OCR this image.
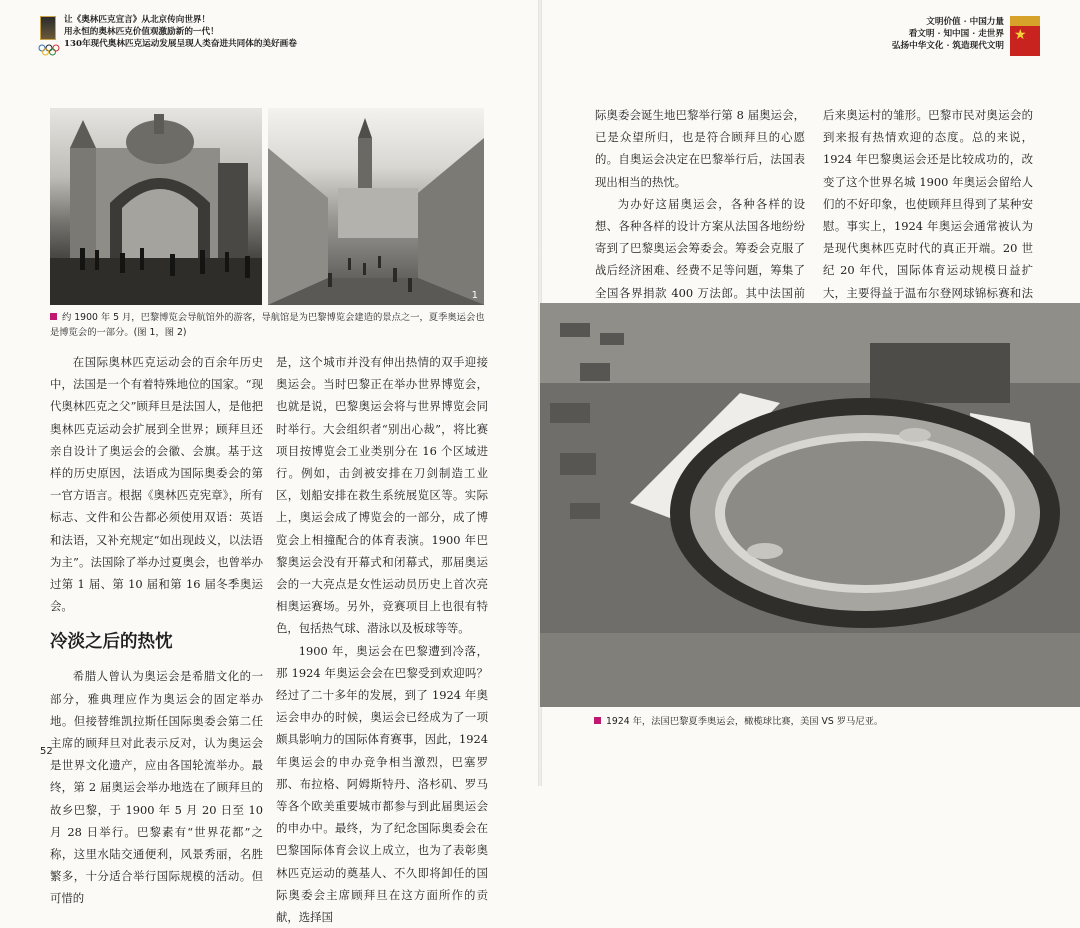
让《奥林匹克宣言》从北京传向世界！
用永恒的奥林匹克价值观激励新的一代！
130年现代奥林匹克运动发展呈现人类奋进共同体的美好画卷
文明价值 · 中国力量
看文明 · 知中国 · 走世界
弘扬中华文化 · 筑造现代文明
★
1
约 1900 年 5 月，巴黎博览会导航馆外的游客，导航馆是为巴黎博览会建造的景点之一，夏季奥运会也是博览会的一部分。(图 1，图 2)

在国际奥林匹克运动会的百余年历史中，法国是一个有着特殊地位的国家。“现代奥林匹克之父”顾拜旦是法国人，是他把奥林匹克运动会扩展到全世界；顾拜旦还亲自设计了奥运会的会徽、会旗。基于这样的历史原因，法语成为国际奥委会的第一官方语言。根据《奥林匹克宪章》，所有标志、文件和公告都必须使用双语：英语和法语，又补充规定“如出现歧义，以法语为主”。法国除了举办过夏奥会，也曾举办过第 1 届、第 10 届和第 16 届冬季奥运会。

冷淡之后的热忱

希腊人曾认为奥运会是希腊文化的一部分，雅典理应作为奥运会的固定举办地。但接替维凯拉斯任国际奥委会第二任主席的顾拜旦对此表示反对，认为奥运会是世界文化遗产，应由各国轮流举办。最终，第 2 届奥运会举办地选在了顾拜旦的故乡巴黎，于 1900 年 5 月 20 日至 10 月 28 日举行。巴黎素有“世界花都”之称，这里水陆交通便利，风景秀丽，名胜繁多，十分适合举行国际规模的活动。但可惜的

是，这个城市并没有伸出热情的双手迎接奥运会。当时巴黎正在举办世界博览会，也就是说，巴黎奥运会将与世界博览会同时举行。大会组织者“别出心裁”，将比赛项目按博览会工业类别分在 16 个区域进行。例如，击剑被安排在刀剑制造工业区，划船安排在救生系统展览区等。实际上，奥运会成了博览会的一部分，成了博览会上相撞配合的体育表演。1900 年巴黎奥运会没有开幕式和闭幕式，那届奥运会的一大亮点是女性运动员历史上首次亮相奥运赛场。另外，竞赛项目上也很有特色，包括热气球、潜泳以及板球等等。

1900 年，奥运会在巴黎遭到冷落，那 1924 年奥运会会在巴黎受到欢迎吗？经过了二十多年的发展，到了 1924 年奥运会申办的时候，奥运会已经成为了一项颇具影响力的国际体育赛事，因此，1924 年奥运会的申办竞争相当激烈，巴塞罗那、布拉格、阿姆斯特丹、洛杉矶、罗马等各个欧美重要城市都参与到此届奥运会的申办中。最终，为了纪念国际奥委会在巴黎国际体育会议上成立，也为了表彰奥林匹克运动的奠基人、不久即将卸任的国际奥委会主席顾拜旦在这方面所作的贡献，选择国

际奥委会诞生地巴黎举行第 8 届奥运会，已是众望所归，也是符合顾拜旦的心愿的。自奥运会决定在巴黎举行后，法国表现出相当的热忱。

为办好这届奥运会，各种各样的设想、各种各样的设计方案从法国各地纷纷寄到了巴黎奥运会筹委会。筹委会克服了战后经济困难、经费不足等问题，筹集了全国各界捐款 400 万法郎。其中法国前

后来奥运村的雏形。巴黎市民对奥运会的到来报有热情欢迎的态度。总的来说，1924 年巴黎奥运会还是比较成功的，改变了这个世界名城 1900 年奥运会留给人们的不好印象，也使顾拜旦得到了某种安慰。事实上，1924 年奥运会通常被认为是现代奥林匹克时代的真正开端。20 世纪 20 年代，国际体育运动规模日益扩大，主要得益于温布尔登网球锦标赛和法

1924 年，法国巴黎夏季奥运会，橄榄球比赛，美国 VS 罗马尼亚。
52
